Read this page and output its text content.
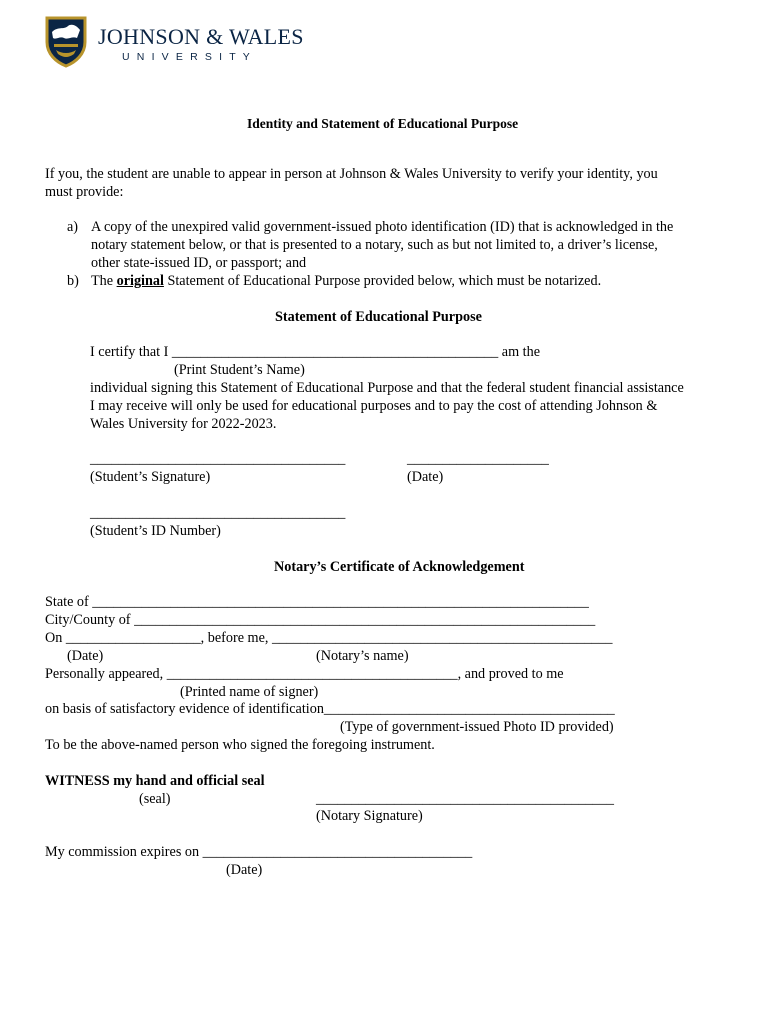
JOHNSON & WALES
UNIVERSITY
Identity and Statement of Educational Purpose
If you, the student are unable to appear in person at Johnson & Wales University to verify your identity, you
must provide:
a) A copy of the unexpired valid government-issued photo identification (ID) that is acknowledged in the
notary statement below, or that is presented to a notary, such as but not limited to, a driver’s license,
other state-issued ID, or passport; and
b) The original Statement of Educational Purpose provided below, which must be notarized.
Statement of Educational Purpose
I certify that I ______________________________________________ am the
(Print Student’s Name)
individual signing this Statement of Educational Purpose and that the federal student financial assistance
I may receive will only be used for educational purposes and to pay the cost of attending Johnson &
Wales University for 2022-2023.
____________________________________	____________________
(Student’s Signature)	(Date)
____________________________________
(Student’s ID Number)
Notary’s Certificate of Acknowledgement
State of ______________________________________________________________________
City/County of _________________________________________________________________
On ___________________, before me, ________________________________________________
(Date)	(Notary’s name)
Personally appeared, _________________________________________, and proved to me
(Printed name of signer)
on basis of satisfactory evidence of identification_________________________________________
(Type of government-issued Photo ID provided)
To be the above-named person who signed the foregoing instrument.
WITNESS my hand and official seal
(seal)	__________________________________________
(Notary Signature)
My commission expires on ______________________________________
(Date)
